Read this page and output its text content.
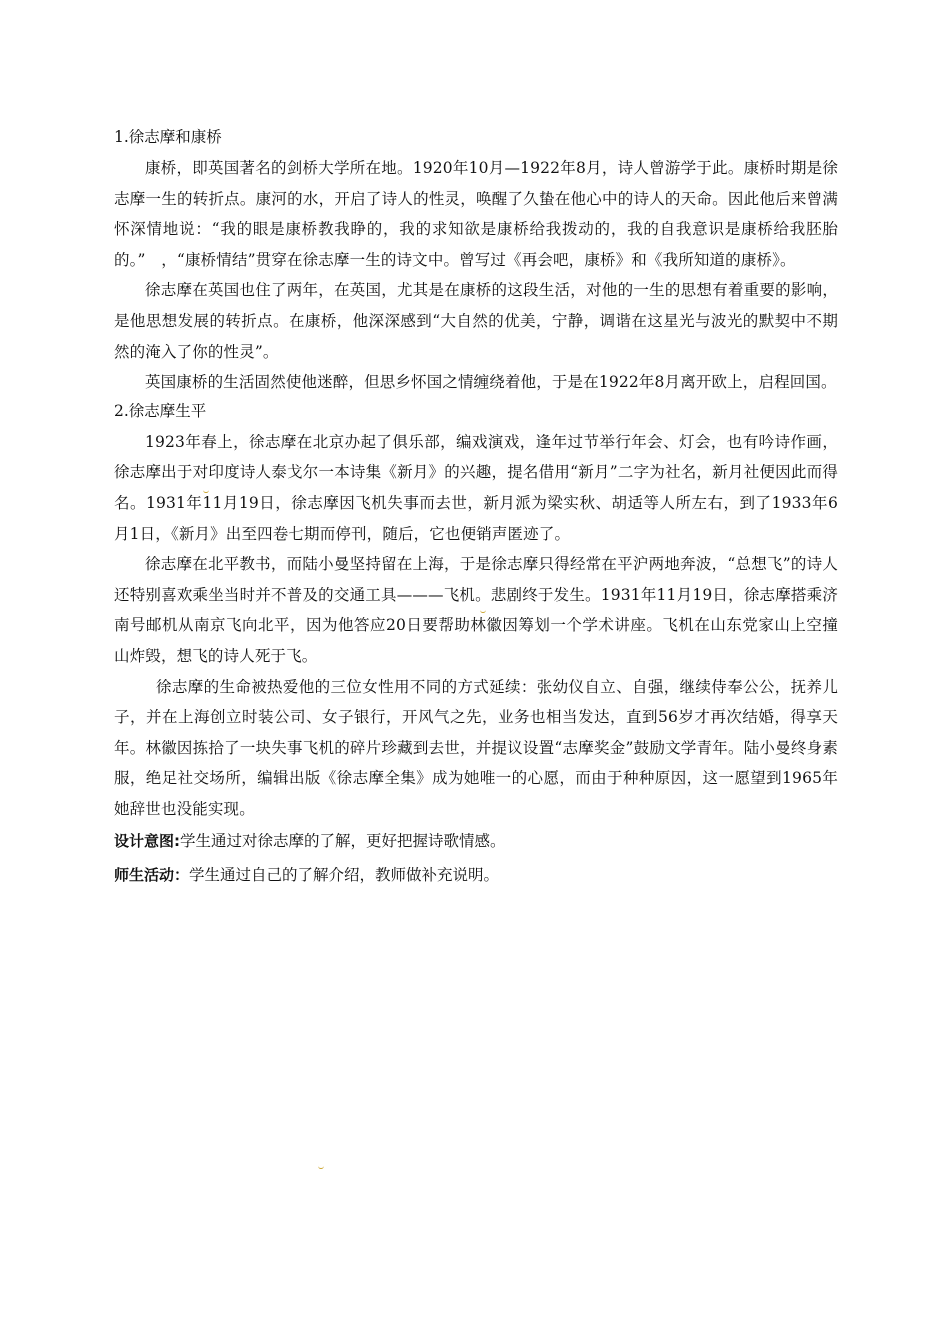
1.徐志摩和康桥

康桥，即英国著名的剑桥大学所在地。1920年10月—1922年8月，诗人曾游学于此。康桥时期是徐志摩一生的转折点。康河的水，开启了诗人的性灵，唤醒了久蛰在他心中的诗人的天命。因此他后来曾满怀深情地说：“我的眼是康桥教我睁的，我的求知欲是康桥给我拨动的，我的自我意识是康桥给我胚胎的。”　，“康桥情结”贯穿在徐志摩一生的诗文中。曾写过《再会吧，康桥》和《我所知道的康桥》。

徐志摩在英国也住了两年，在英国，尤其是在康桥的这段生活，对他的一生的思想有着重要的影响，是他思想发展的转折点。在康桥，他深深感到“大自然的优美，宁静，调谐在这星光与波光的默契中不期然的淹入了你的性灵”。

英国康桥的生活固然使他迷醉，但思乡怀国之情缠绕着他，于是在1922年8月离开欧上，启程回国。

2.徐志摩生平

1923年春上，徐志摩在北京办起了俱乐部，编戏演戏，逢年过节举行年会、灯会，也有吟诗作画，徐志摩出于对印度诗人泰戈尔一本诗集《新月》的兴趣，提名借用“新月”二字为社名，新月社便因此而得名。1931年11月19日，徐志摩因飞机失事而去世，新月派为梁实秋、胡适等人所左右，到了1933年6月1日，《新月》出至四卷七期而停刊，随后，它也便销声匿迹了。

徐志摩在北平教书，而陆小曼坚持留在上海，于是徐志摩只得经常在平沪两地奔波，“总想飞”的诗人还特别喜欢乘坐当时并不普及的交通工具———飞机。悲剧终于发生。1931年11月19日，徐志摩搭乘济南号邮机从南京飞向北平，因为他答应20日要帮助林徽因筹划一个学术讲座。飞机在山东党家山上空撞山炸毁，想飞的诗人死于飞。

徐志摩的生命被热爱他的三位女性用不同的方式延续：张幼仪自立、自强，继续侍奉公公，抚养儿子，并在上海创立时装公司、女子银行，开风气之先，业务也相当发达，直到56岁才再次结婚，得享天年。林徽因拣拾了一块失事飞机的碎片珍藏到去世，并提议设置“志摩奖金”鼓励文学青年。陆小曼终身素服，绝足社交场所，编辑出版《徐志摩全集》成为她唯一的心愿，而由于种种原因，这一愿望到1965年她辞世也没能实现。

设计意图:学生通过对徐志摩的了解，更好把握诗歌情感。
师生活动：学生通过自己的了解介绍，教师做补充说明。
